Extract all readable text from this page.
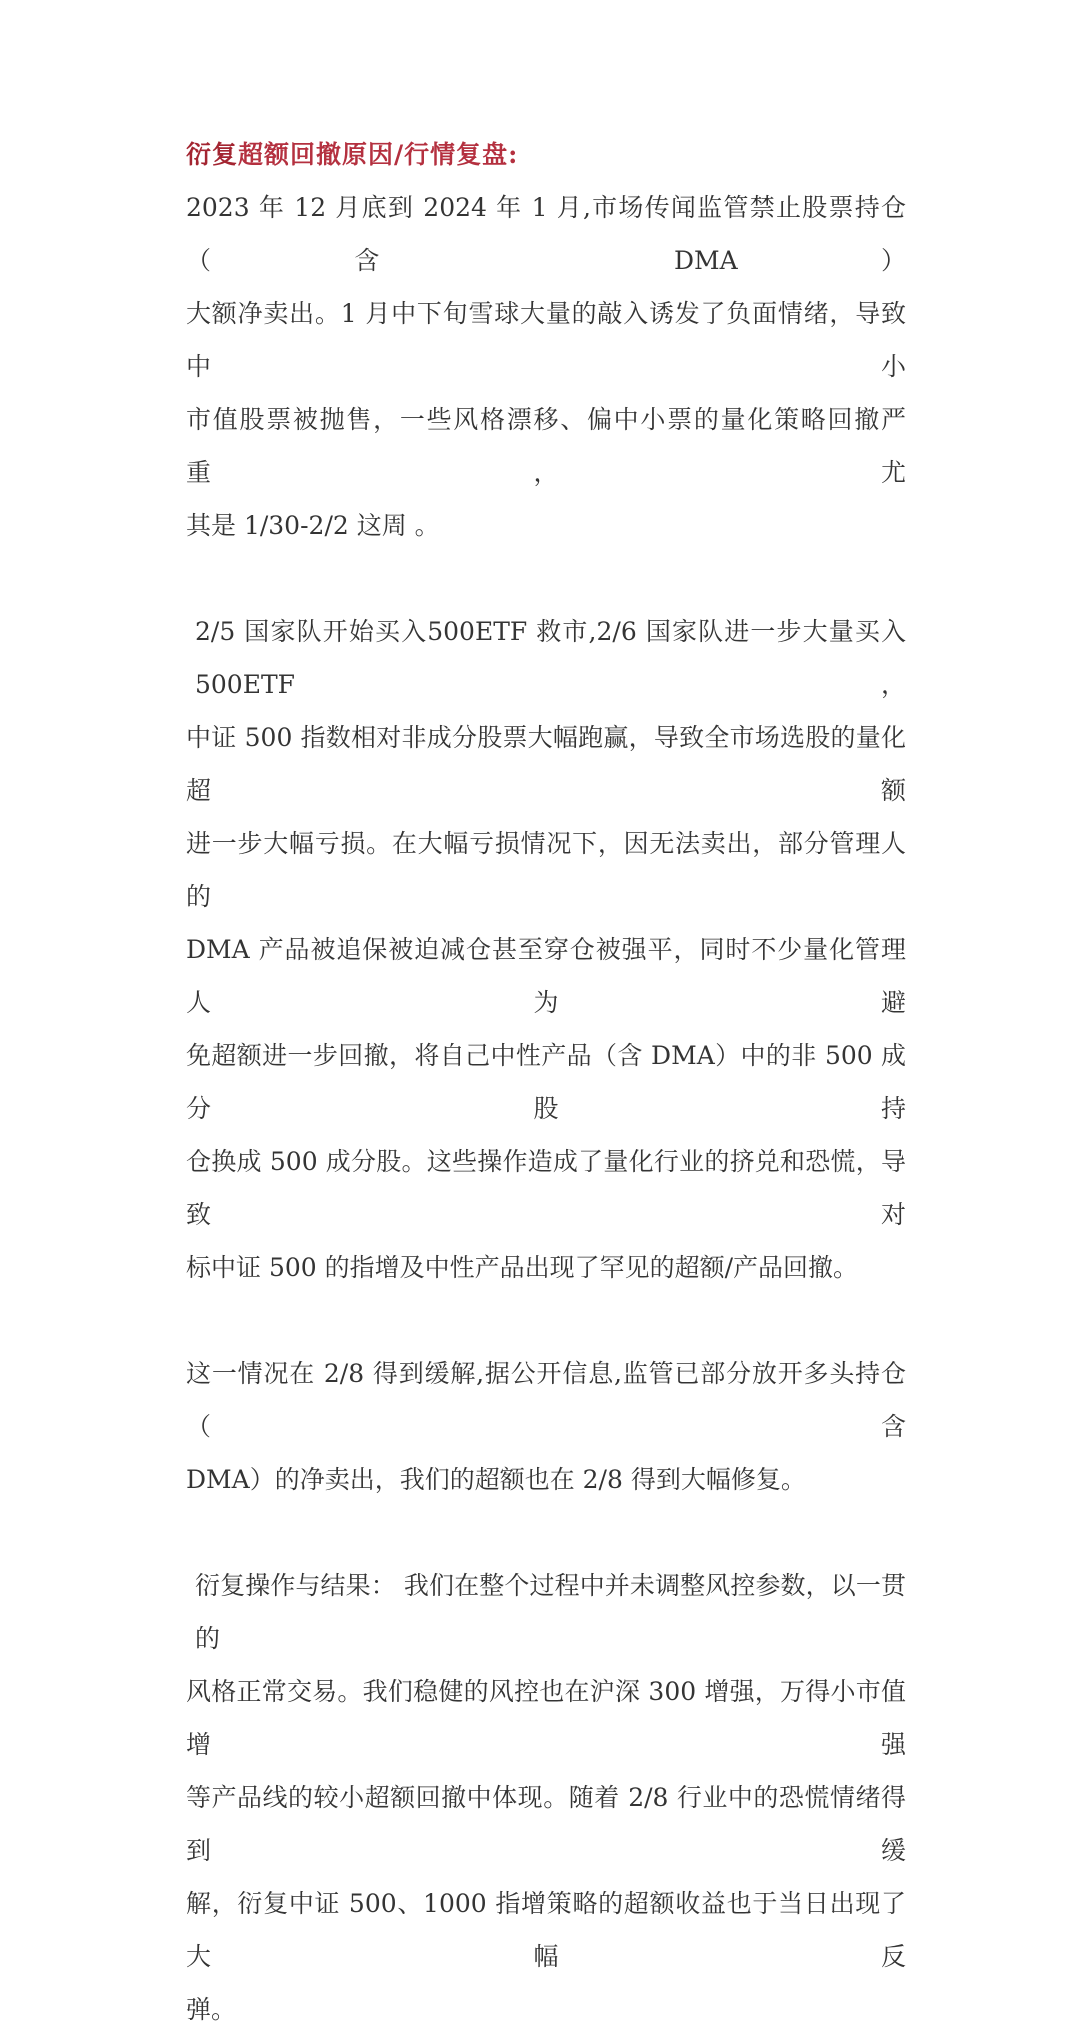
衍复超额回撤原因/行情复盘:
2023 年 12 月底到 2024 年 1 月,市场传闻监管禁止股票持仓（含 DMA）
大额净卖出。1 月中下旬雪球大量的敲入诱发了负面情绪，导致中小
市值股票被抛售，一些风格漂移、偏中小票的量化策略回撤严重，尤
其是 1/30-2/2 这周 。
2/5 国家队开始买入500ETF 救市,2/6 国家队进一步大量买入500ETF，
中证 500 指数相对非成分股票大幅跑赢，导致全市场选股的量化超额
进一步大幅亏损。在大幅亏损情况下，因无法卖出，部分管理人的
DMA 产品被追保被迫减仓甚至穿仓被强平，同时不少量化管理人为避
免超额进一步回撤，将自己中性产品（含 DMA）中的非 500 成分股持
仓换成 500 成分股。这些操作造成了量化行业的挤兑和恐慌，导致对
标中证 500 的指增及中性产品出现了罕见的超额/产品回撤。
这一情况在 2/8 得到缓解,据公开信息,监管已部分放开多头持仓（含
DMA）的净卖出，我们的超额也在 2/8 得到大幅修复。
衍复操作与结果： 我们在整个过程中并未调整风控参数，以一贯的
风格正常交易。我们稳健的风控也在沪深 300 增强，万得小市值增强
等产品线的较小超额回撤中体现。随着 2/8 行业中的恐慌情绪得到缓
解，衍复中证 500、1000 指增策略的超额收益也于当日出现了大幅反
弹。
